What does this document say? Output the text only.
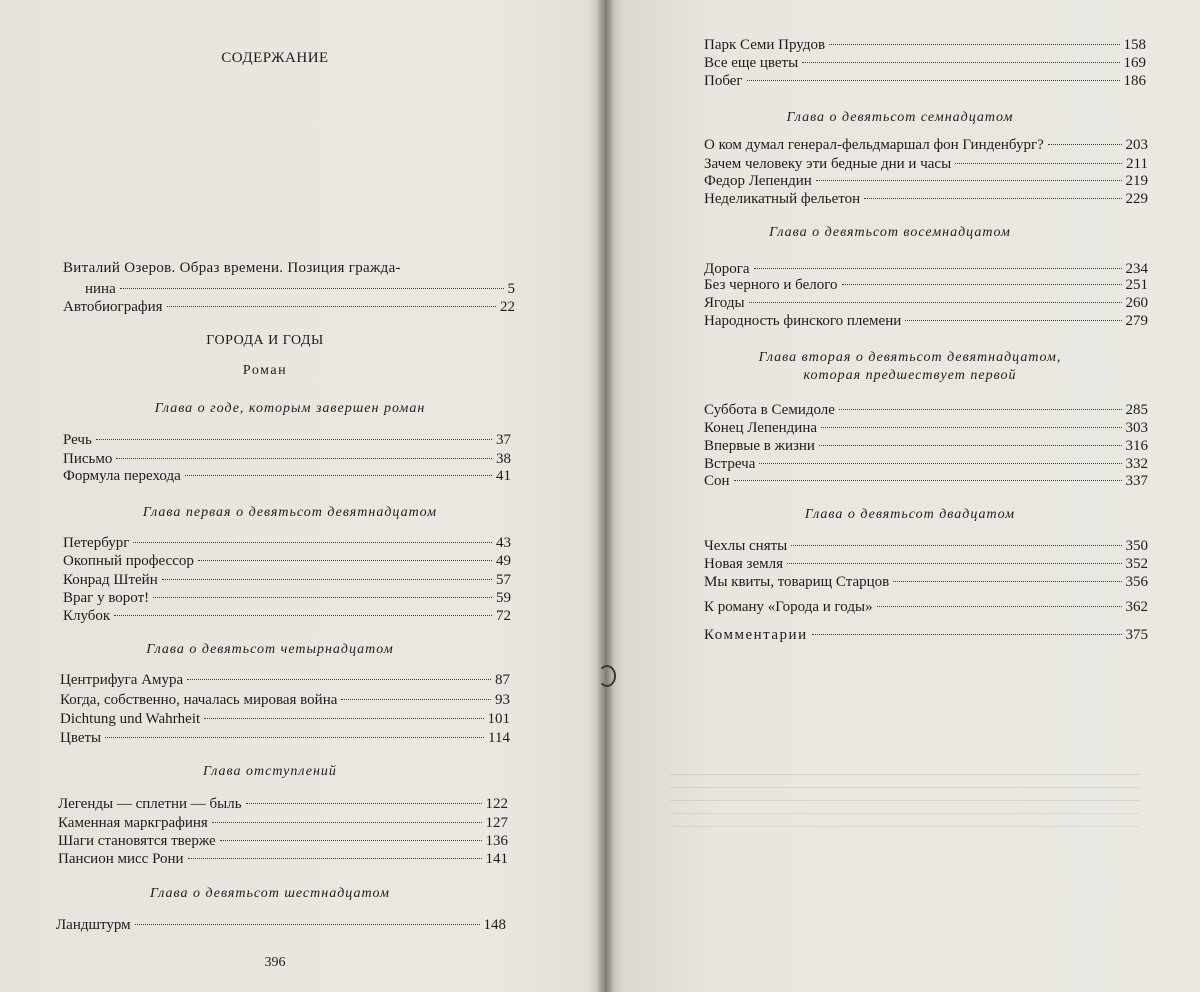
СОДЕРЖАНИЕ
Виталий Озеров. Образ времени. Позиция гражда-
нина	5
Автобиография	22
ГОРОДА И ГОДЫ
Роман
Глава о годе, которым завершен роман
Речь	37
Письмо	38
Формула перехода	41
Глава первая о девятьсот девятнадцатом
Петербург	43
Окопный профессор	49
Конрад Штейн	57
Враг у ворот!	59
Клубок	72
Глава о девятьсот четырнадцатом
Центрифуга Амура	87
Когда, собственно, началась мировая война	93
Dichtung und Wahrheit	101
Цветы	114
Глава отступлений
Легенды — сплетни — быль	122
Каменная маркграфиня	127
Шаги становятся тверже	136
Пансион мисс Рони	141
Глава о девятьсот шестнадцатом
Ландштурм	148
396
Парк Семи Прудов	158
Все еще цветы	169
Побег	186
Глава о девятьсот семнадцатом
О ком думал генерал-фельдмаршал фон Гинденбург?	203
Зачем человеку эти бедные дни и часы	211
Федор Лепендин	219
Неделикатный фельетон	229
Глава о девятьсот восемнадцатом
Дорога	234
Без черного и белого	251
Ягоды	260
Народность финского племени	279
Глава вторая о девятьсот девятнадцатом,
которая предшествует первой
Суббота в Семидоле	285
Конец Лепендина	303
Впервые в жизни	316
Встреча	332
Сон	337
Глава о девятьсот двадцатом
Чехлы сняты	350
Новая земля	352
Мы квиты, товарищ Старцов	356
К роману «Города и годы»	362
Комментарии	375
